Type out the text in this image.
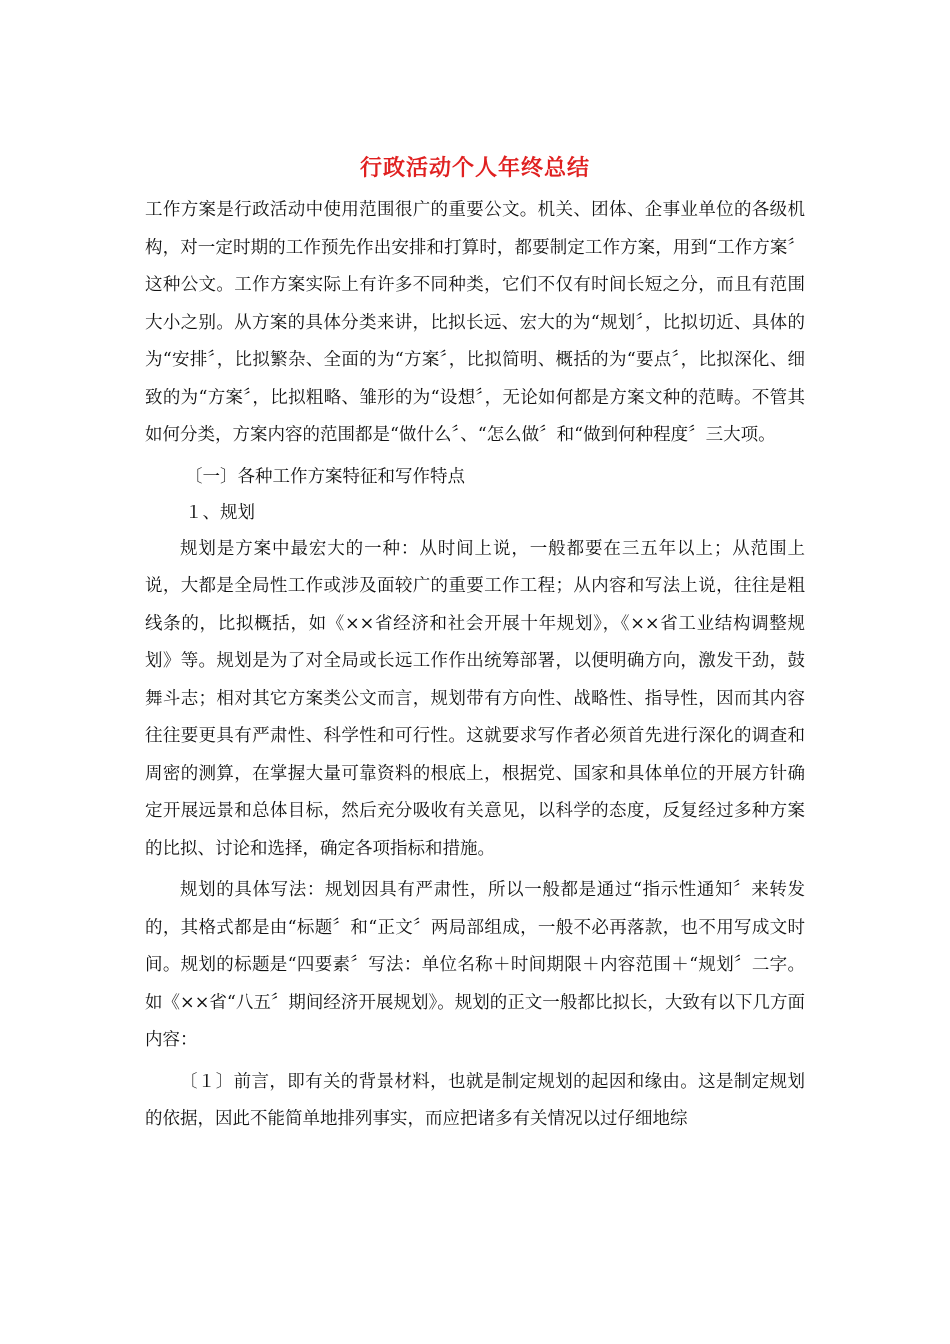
行政活动个人年终总结

工作方案是行政活动中使用范围很广的重要公文。机关、团体、企事业单位的各级机构，对一定时期的工作预先作出安排和打算时，都要制定工作方案，用到“工作方案〞这种公文。工作方案实际上有许多不同种类，它们不仅有时间长短之分，而且有范围大小之别。从方案的具体分类来讲，比拟长远、宏大的为“规划〞，比拟切近、具体的为“安排〞，比拟繁杂、全面的为“方案〞，比拟简明、概括的为“要点〞，比拟深化、细致的为“方案〞，比拟粗略、雏形的为“设想〞，无论如何都是方案文种的范畴。不管其如何分类，方案内容的范围都是“做什么〞、“怎么做〞和“做到何种程度〞三大项。

〔一〕各种工作方案特征和写作特点

１、规划

规划是方案中最宏大的一种：从时间上说，一般都要在三五年以上；从范围上说，大都是全局性工作或涉及面较广的重要工作工程；从内容和写法上说，往往是粗线条的，比拟概括，如《××省经济和社会开展十年规划》，《××省工业结构调整规划》等。规划是为了对全局或长远工作作出统筹部署，以便明确方向，激发干劲，鼓舞斗志；相对其它方案类公文而言，规划带有方向性、战略性、指导性，因而其内容往往要更具有严肃性、科学性和可行性。这就要求写作者必须首先进行深化的调查和周密的测算，在掌握大量可靠资料的根底上，根据党、国家和具体单位的开展方针确定开展远景和总体目标，然后充分吸收有关意见，以科学的态度，反复经过多种方案的比拟、讨论和选择，确定各项指标和措施。

规划的具体写法：规划因具有严肃性，所以一般都是通过“指示性通知〞来转发的，其格式都是由“标题〞和“正文〞两局部组成，一般不必再落款，也不用写成文时间。规划的标题是“四要素〞写法：单位名称＋时间期限＋内容范围＋“规划〞二字。如《××省“八五〞期间经济开展规划》。规划的正文一般都比拟长，大致有以下几方面内容：

〔１〕前言，即有关的背景材料，也就是制定规划的起因和缘由。这是制定规划的依据，因此不能简单地排列事实，而应把诸多有关情况以过仔细地综
